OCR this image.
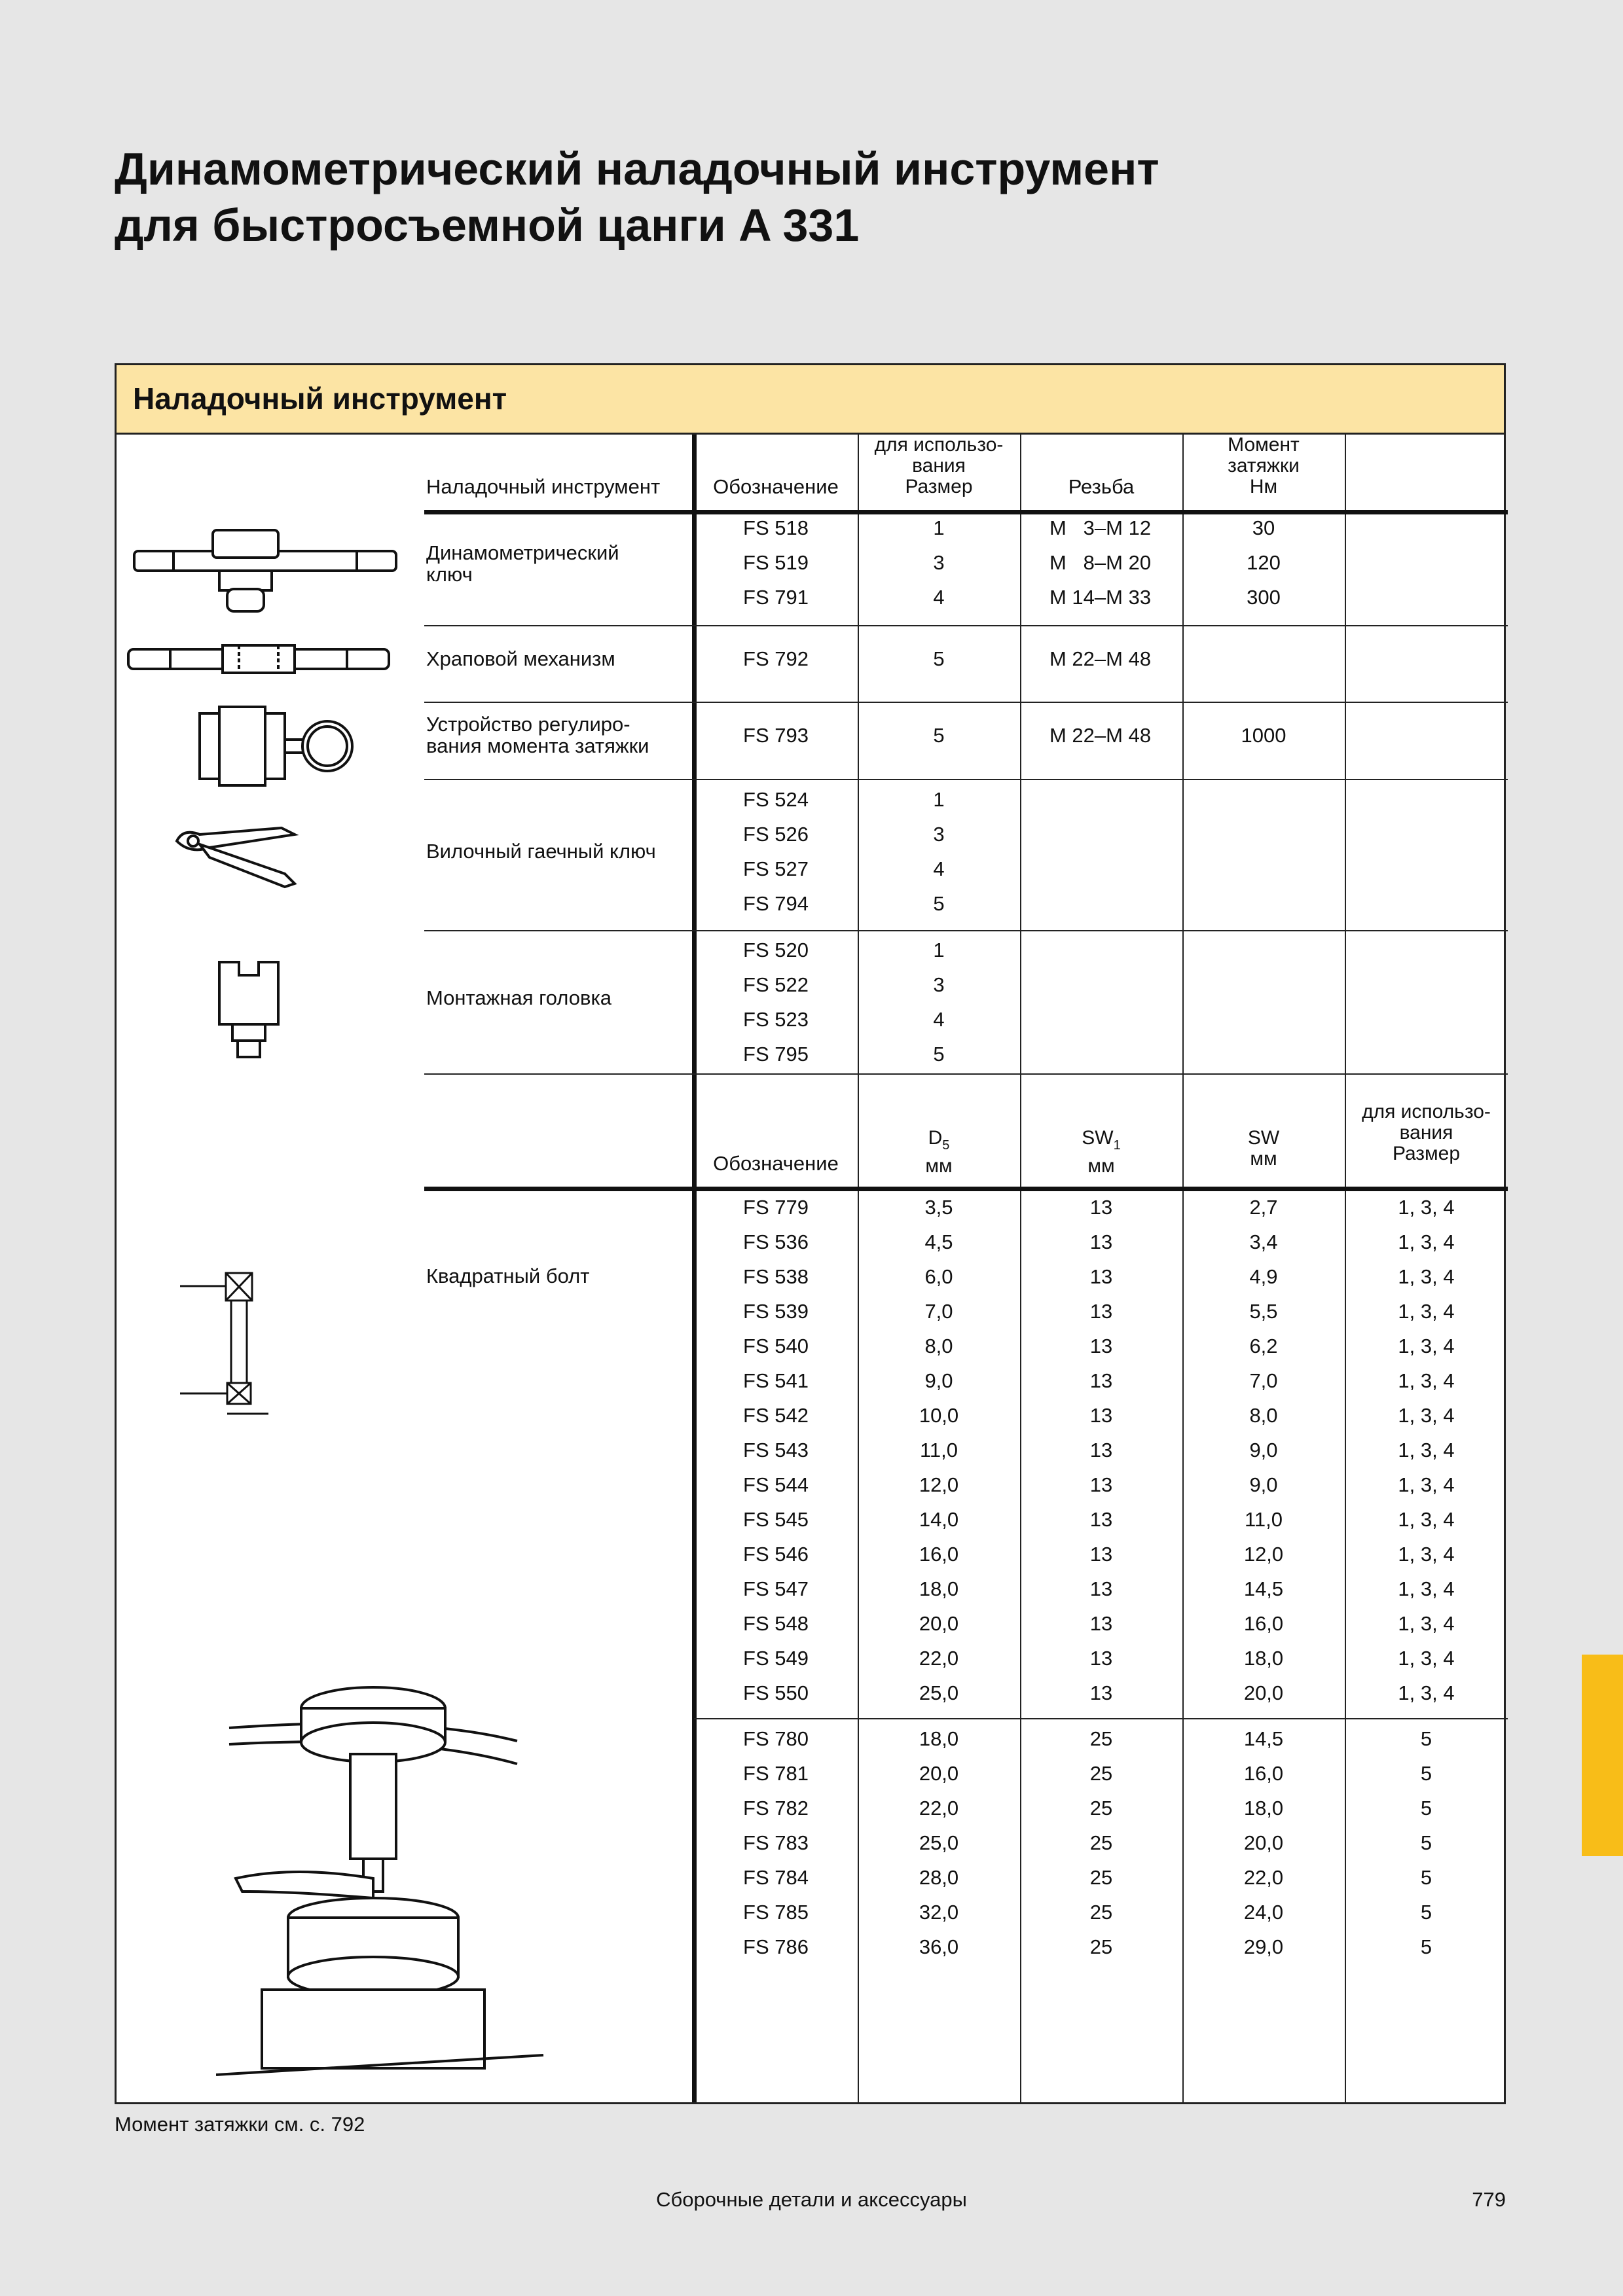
Динамометрический наладочный инструмент
для быстросъемной цанги A 331
Наладочный инструмент
Наладочный инструмент	Обозначение
для использо-
вания
Размер	Резьба
Момент
затяжки
Нм
Динамометрический
ключ
FS 518	1	M   3–M 12	30
FS 519	3	M   8–M 20	120
FS 791	4	M 14–M 33	300
Храповой механизм	FS 792	5	M 22–M 48
Устройство регулиро-
вания момента затяжки	FS 793	5	M 22–M 48	1000
Вилочный гаечный ключ
FS 524	1
FS 526	3
FS 527	4
FS 794	5
Монтажная головка
FS 520	1
FS 522	3
FS 523	4
FS 795	5
Обозначение
$D_5$
мм
$SW_1$
мм
SW
мм
для использо-
вания
Размер
Квадратный болт
FS 779	3,5	13	2,7	1, 3, 4
FS 536	4,5	13	3,4	1, 3, 4
FS 538	6,0	13	4,9	1, 3, 4
FS 539	7,0	13	5,5	1, 3, 4
FS 540	8,0	13	6,2	1, 3, 4
FS 541	9,0	13	7,0	1, 3, 4
FS 542	10,0	13	8,0	1, 3, 4
FS 543	11,0	13	9,0	1, 3, 4
FS 544	12,0	13	9,0	1, 3, 4
FS 545	14,0	13	11,0	1, 3, 4
FS 546	16,0	13	12,0	1, 3, 4
FS 547	18,0	13	14,5	1, 3, 4
FS 548	20,0	13	16,0	1, 3, 4
FS 549	22,0	13	18,0	1, 3, 4
FS 550	25,0	13	20,0	1, 3, 4
FS 780	18,0	25	14,5	5
FS 781	20,0	25	16,0	5
FS 782	22,0	25	18,0	5
FS 783	25,0	25	20,0	5
FS 784	28,0	25	22,0	5
FS 785	32,0	25	24,0	5
FS 786	36,0	25	29,0	5
Момент затяжки см. с. 792
Сборочные детали и аксессуары	779
